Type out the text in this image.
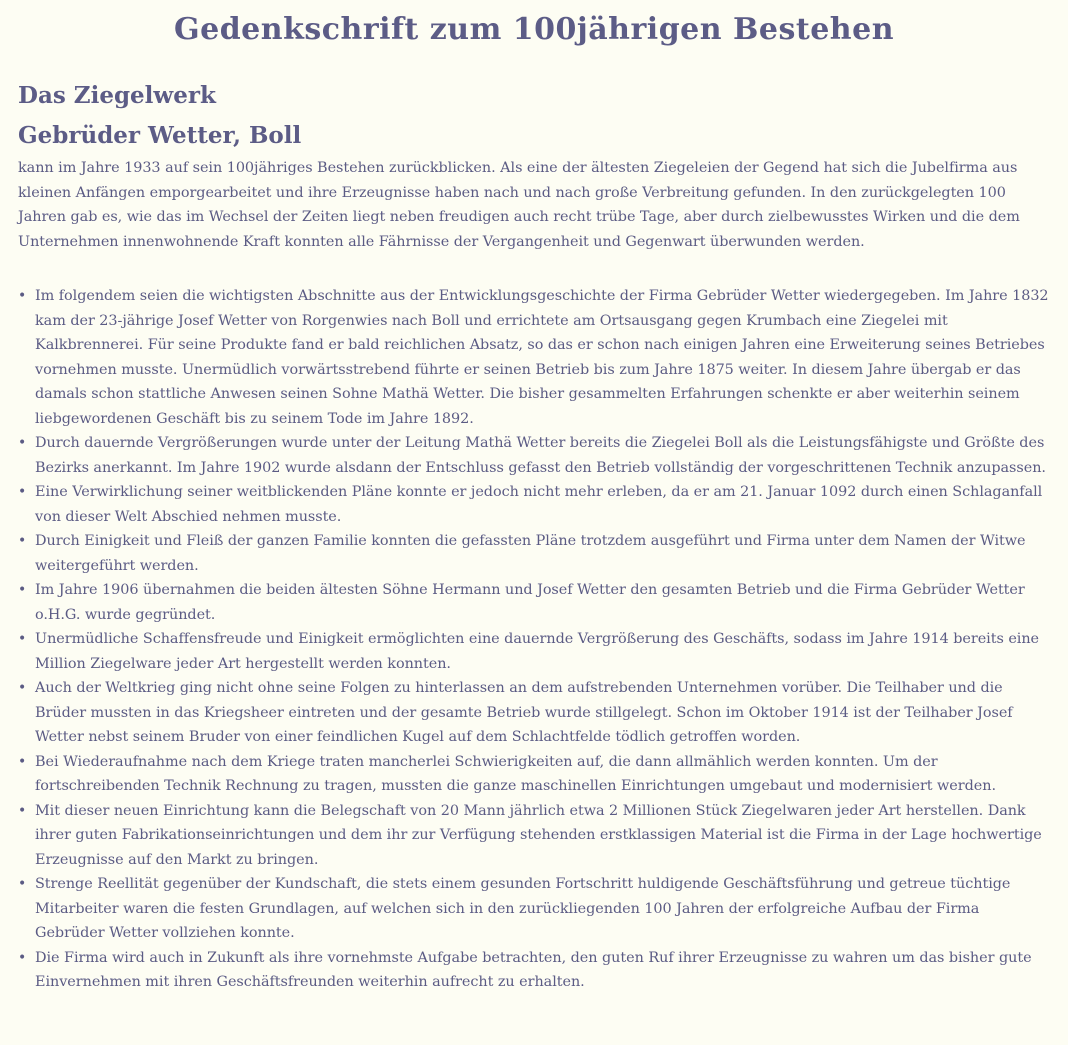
Gedenkschrift zum 100jährigen Bestehen
Das Ziegelwerk
Gebrüder Wetter, Boll

kann im Jahre 1933 auf sein 100jähriges Bestehen zurückblicken. Als eine der ältesten Ziegeleien der Gegend hat sich die Jubelfirma aus kleinen Anfängen emporgearbeitet und ihre Erzeugnisse haben nach und nach große Verbreitung gefunden. In den zurückgelegten 100 Jahren gab es, wie das im Wechsel der Zeiten liegt neben freudigen auch recht trübe Tage, aber durch zielbewusstes Wirken und die dem Unternehmen innenwohnende Kraft konnten alle Fährnisse der Vergangenheit und Gegenwart überwunden werden.

• Im folgendem seien die wichtigsten Abschnitte aus der Entwicklungsgeschichte der Firma Gebrüder Wetter wiedergegeben. Im Jahre 1832 kam der 23-jährige Josef Wetter von Rorgenwies nach Boll und errichtete am Ortsausgang gegen Krumbach eine Ziegelei mit Kalkbrennerei. Für seine Produkte fand er bald reichlichen Absatz, so das er schon nach einigen Jahren eine Erweiterung seines Betriebes vornehmen musste. Unermüdlich vorwärtsstrebend führte er seinen Betrieb bis zum Jahre 1875 weiter. In diesem Jahre übergab er das damals schon stattliche Anwesen seinen Sohne Mathä Wetter. Die bisher gesammelten Erfahrungen schenkte er aber weiterhin seinem liebgewordenen Geschäft bis zu seinem Tode im Jahre 1892.
• Durch dauernde Vergrößerungen wurde unter der Leitung Mathä Wetter bereits die Ziegelei Boll als die Leistungsfähigste und Größte des Bezirks anerkannt. Im Jahre 1902 wurde alsdann der Entschluss gefasst den Betrieb vollständig der vorgeschrittenen Technik anzupassen.
• Eine Verwirklichung seiner weitblickenden Pläne konnte er jedoch nicht mehr erleben, da er am 21. Januar 1092 durch einen Schlaganfall von dieser Welt Abschied nehmen musste.
• Durch Einigkeit und Fleiß der ganzen Familie konnten die gefassten Pläne trotzdem ausgeführt und Firma unter dem Namen der Witwe weitergeführt werden.
• Im Jahre 1906 übernahmen die beiden ältesten Söhne Hermann und Josef Wetter den gesamten Betrieb und die Firma Gebrüder Wetter o.H.G. wurde gegründet.
• Unermüdliche Schaffensfreude und Einigkeit ermöglichten eine dauernde Vergrößerung des Geschäfts, sodass im Jahre 1914 bereits eine Million Ziegelware jeder Art hergestellt werden konnten.
• Auch der Weltkrieg ging nicht ohne seine Folgen zu hinterlassen an dem aufstrebenden Unternehmen vorüber. Die Teilhaber und die Brüder mussten in das Kriegsheer eintreten und der gesamte Betrieb wurde stillgelegt. Schon im Oktober 1914 ist der Teilhaber Josef Wetter nebst seinem Bruder von einer feindlichen Kugel auf dem Schlachtfelde tödlich getroffen worden.
• Bei Wiederaufnahme nach dem Kriege traten mancherlei Schwierigkeiten auf, die dann allmählich werden konnten. Um der fortschreibenden Technik Rechnung zu tragen, mussten die ganze maschinellen Einrichtungen umgebaut und modernisiert werden.
• Mit dieser neuen Einrichtung kann die Belegschaft von 20 Mann jährlich etwa 2 Millionen Stück Ziegelwaren jeder Art herstellen. Dank ihrer guten Fabrikationseinrichtungen und dem ihr zur Verfügung stehenden erstklassigen Material ist die Firma in der Lage hochwertige Erzeugnisse auf den Markt zu bringen.
• Strenge Reellität gegenüber der Kundschaft, die stets einem gesunden Fortschritt huldigende Geschäftsführung und getreue tüchtige Mitarbeiter waren die festen Grundlagen, auf welchen sich in den zurückliegenden 100 Jahren der erfolgreiche Aufbau der Firma Gebrüder Wetter vollziehen konnte.
• Die Firma wird auch in Zukunft als ihre vornehmste Aufgabe betrachten, den guten Ruf ihrer Erzeugnisse zu wahren um das bisher gute Einvernehmen mit ihren Geschäftsfreunden weiterhin aufrecht zu erhalten.
